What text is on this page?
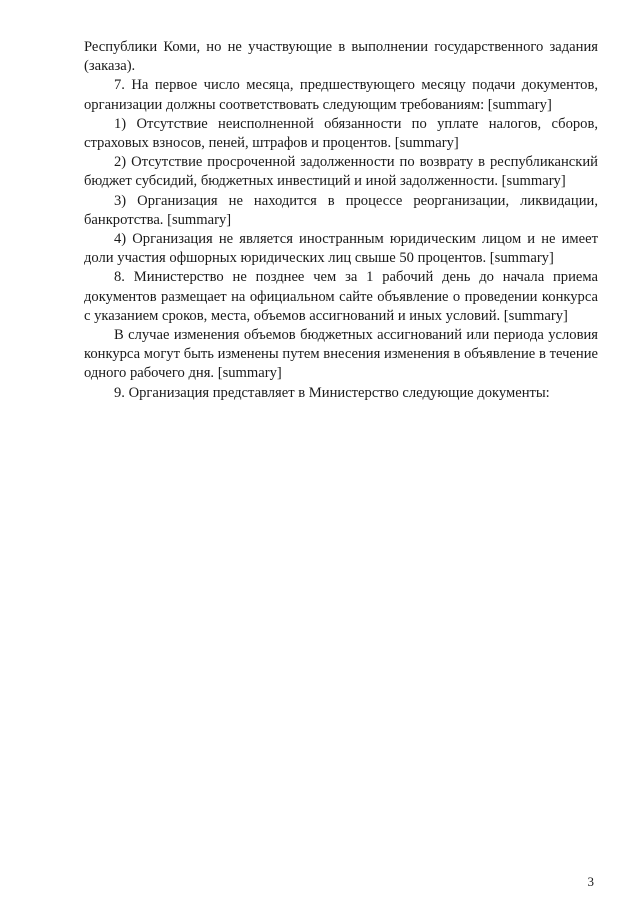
Республики Коми, но не участвующие в выполнении государственного задания (заказа).

7. На первое число месяца, предшествующего месяцу подачи документов, организации должны соответствовать следующим требованиям: [summary]

1) Отсутствие неисполненной обязанности по уплате налогов, сборов, страховых взносов, пеней, штрафов и процентов. [summary]

2) Отсутствие просроченной задолженности по возврату в республиканский бюджет субсидий, бюджетных инвестиций и иной задолженности. [summary]

3) Организация не находится в процессе реорганизации, ликвидации, банкротства. [summary]

4) Организация не является иностранным юридическим лицом и не имеет доли участия офшорных юридических лиц свыше 50 процентов. [summary]

8. Министерство не позднее чем за 1 рабочий день до начала приема документов размещает на официальном сайте объявление о проведении конкурса с указанием сроков, места, объемов ассигнований и иных условий. [summary]

В случае изменения объемов бюджетных ассигнований или периода условия конкурса могут быть изменены путем внесения изменения в объявление в течение одного рабочего дня. [summary]

9. Организация представляет в Министерство следующие документы:

3
